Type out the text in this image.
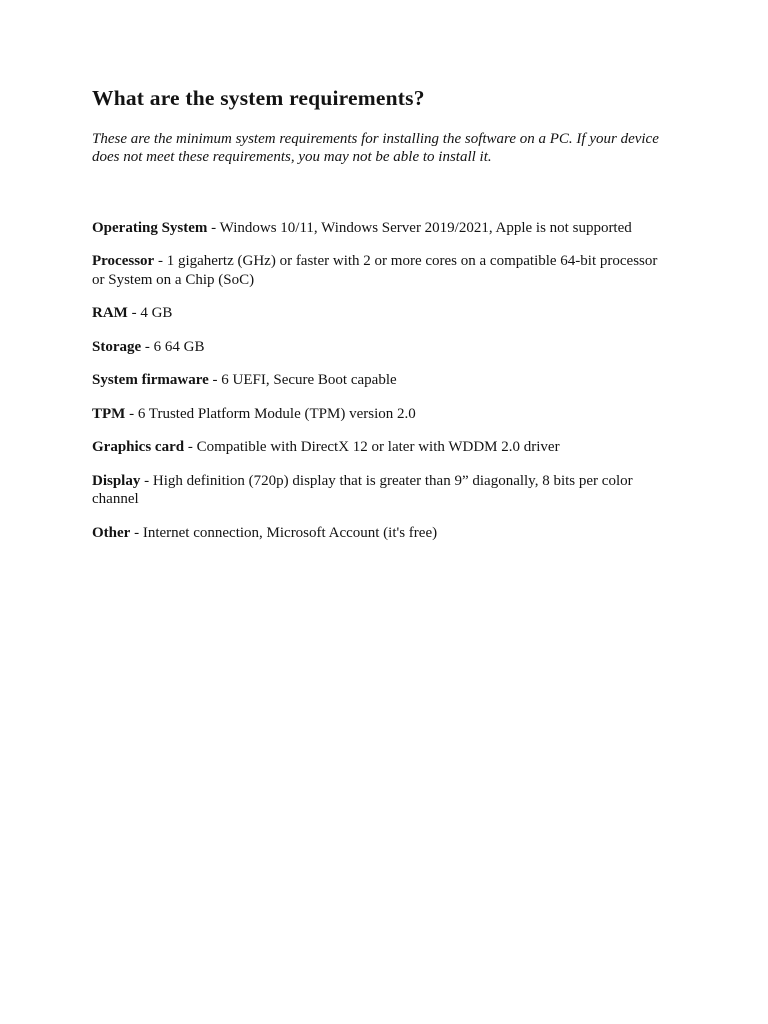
What are the system requirements?

These are the minimum system requirements for installing the software on a PC. If your device does not meet these requirements, you may not be able to install it.

Operating System - Windows 10/11, Windows Server 2019/2021, Apple is not supported

Processor - 1 gigahertz (GHz) or faster with 2 or more cores on a compatible 64-bit processor or System on a Chip (SoC)

RAM - 4 GB

Storage - 6 64 GB

System firmaware - 6 UEFI, Secure Boot capable

TPM - 6 Trusted Platform Module (TPM) version 2.0

Graphics card - Compatible with DirectX 12 or later with WDDM 2.0 driver

Display - High definition (720p) display that is greater than 9” diagonally, 8 bits per color channel

Other - Internet connection, Microsoft Account (it's free)
